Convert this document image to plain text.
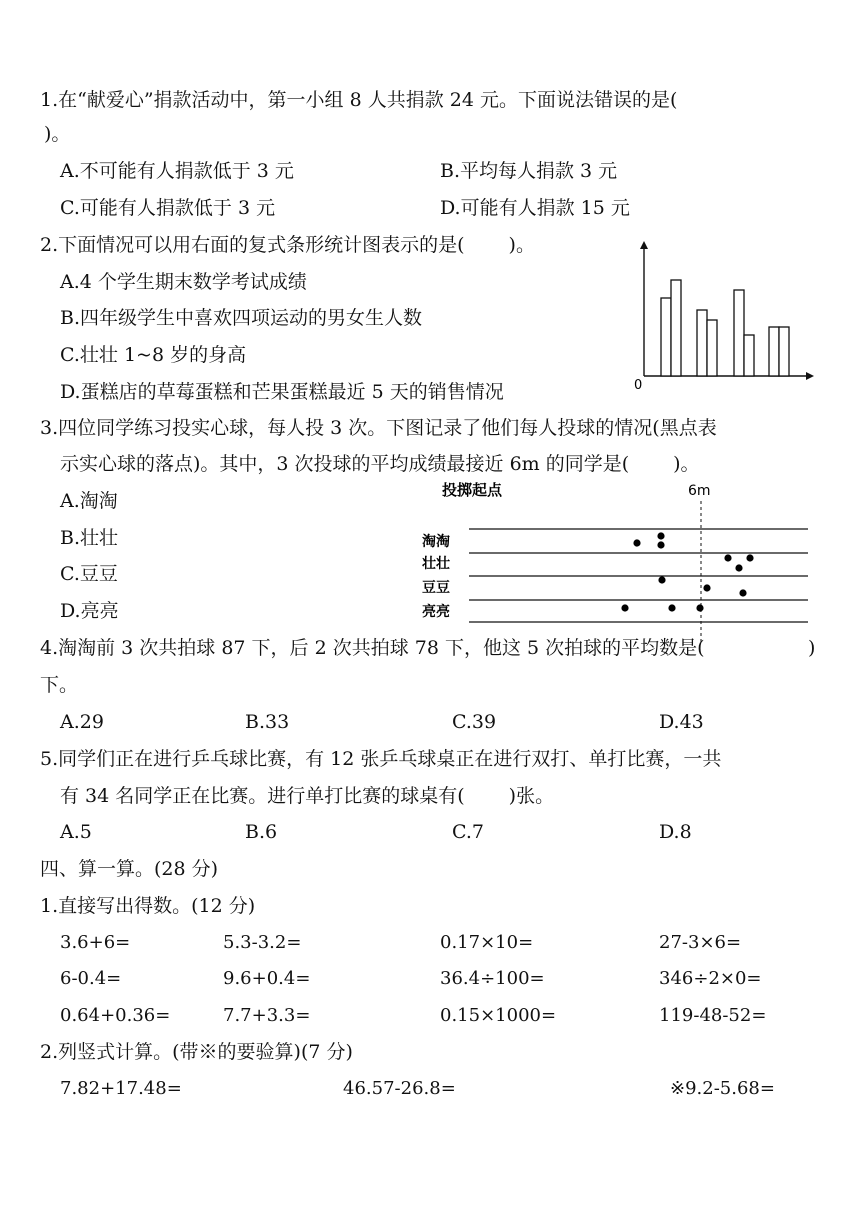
1.在“献爱心”捐款活动中，第一小组 8 人共捐款 24 元。下面说法错误的是(
)。
A.不可能有人捐款低于 3 元	B.平均每人捐款 3 元
C.可能有人捐款低于 3 元	D.可能有人捐款 15 元
2.下面情况可以用右面的复式条形统计图表示的是( )。
A.4 个学生期末数学考试成绩
B.四年级学生中喜欢四项运动的男女生人数
C.壮壮 1~8 岁的身高
D.蛋糕店的草莓蛋糕和芒果蛋糕最近 5 天的销售情况	0
3.四位同学练习投实心球，每人投 3 次。下图记录了他们每人投球的情况(黑点表
示实心球的落点)。其中，3 次投球的平均成绩最接近 6m 的同学是( )。
A.淘淘
B.壮壮
C.豆豆
D.亮亮
投掷起点	6m
淘淘
壮壮
豆豆
亮亮
4.淘淘前 3 次共拍球 87 下，后 2 次共拍球 78 下，他这 5 次拍球的平均数是(	)
下。
A.29	B.33	C.39	D.43
5.同学们正在进行乒乓球比赛，有 12 张乒乓球桌正在进行双打、单打比赛，一共
有 34 名同学正在比赛。进行单打比赛的球桌有( )张。
A.5	B.6	C.7	D.8
四、算一算。(28 分)
1.直接写出得数。(12 分)
3.6+6=	5.3-3.2=	0.17×10=	27-3×6=
6-0.4=	9.6+0.4=	36.4÷100=	346÷2×0=
0.64+0.36=	7.7+3.3=	0.15×1000=	119-48-52=
2.列竖式计算。(带※的要验算)(7 分)
7.82+17.48=	46.57-26.8=	※9.2-5.68=
